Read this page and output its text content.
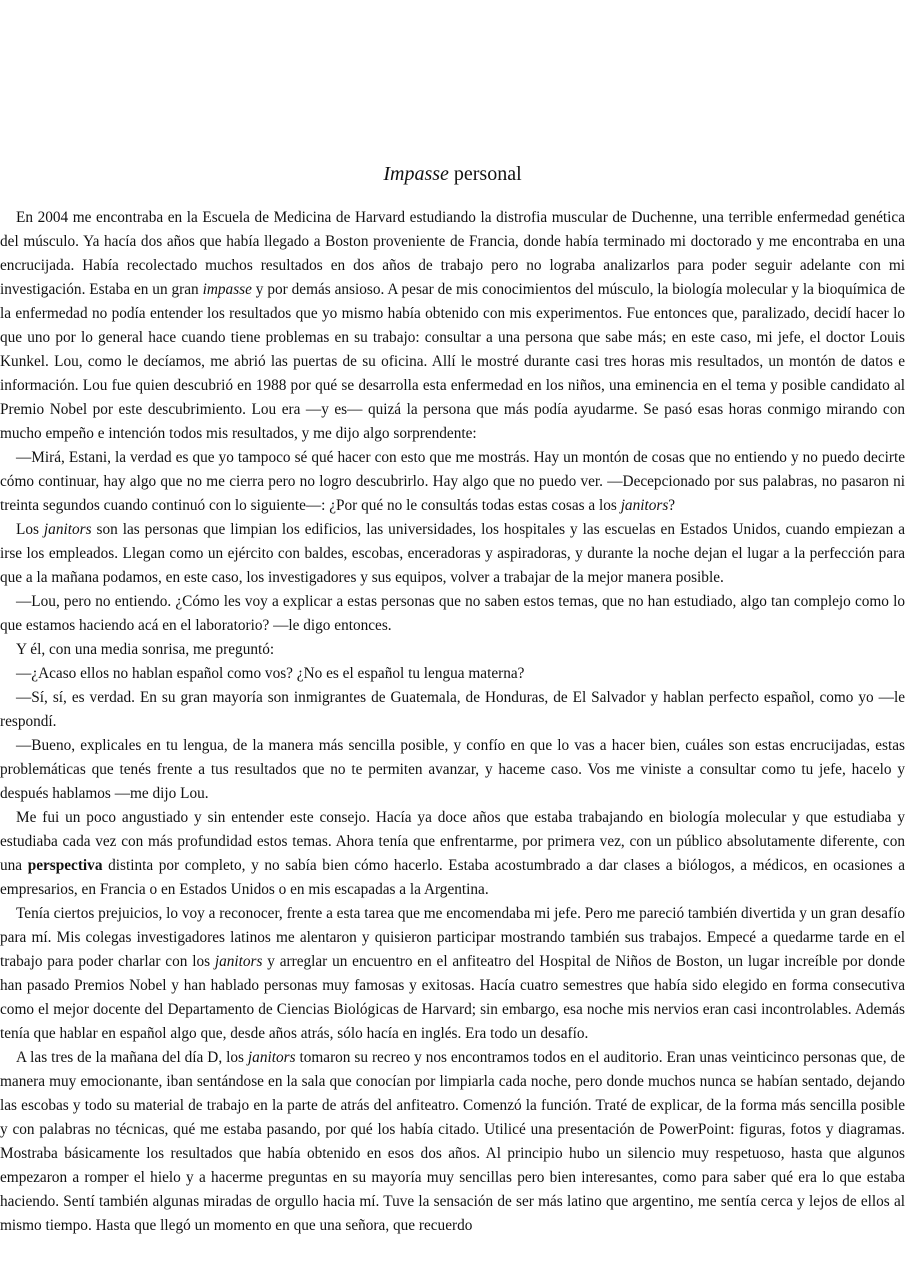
Impasse personal

En 2004 me encontraba en la Escuela de Medicina de Harvard estudiando la distrofia muscular de Duchenne, una terrible enfermedad genética del músculo. Ya hacía dos años que había llegado a Boston proveniente de Francia, donde había terminado mi doctorado y me encontraba en una encrucijada. Había recolectado muchos resultados en dos años de trabajo pero no lograba analizarlos para poder seguir adelante con mi investigación. Estaba en un gran impasse y por demás ansioso. A pesar de mis conocimientos del músculo, la biología molecular y la bioquímica de la enfermedad no podía entender los resultados que yo mismo había obtenido con mis experimentos. Fue entonces que, paralizado, decidí hacer lo que uno por lo general hace cuando tiene problemas en su trabajo: consultar a una persona que sabe más; en este caso, mi jefe, el doctor Louis Kunkel. Lou, como le decíamos, me abrió las puertas de su oficina. Allí le mostré durante casi tres horas mis resultados, un montón de datos e información. Lou fue quien descubrió en 1988 por qué se desarrolla esta enfermedad en los niños, una eminencia en el tema y posible candidato al Premio Nobel por este descubrimiento. Lou era —y es— quizá la persona que más podía ayudarme. Se pasó esas horas conmigo mirando con mucho empeño e intención todos mis resultados, y me dijo algo sorprendente:

—Mirá, Estani, la verdad es que yo tampoco sé qué hacer con esto que me mostrás. Hay un montón de cosas que no entiendo y no puedo decirte cómo continuar, hay algo que no me cierra pero no logro descubrirlo. Hay algo que no puedo ver. —Decepcionado por sus palabras, no pasaron ni treinta segundos cuando continuó con lo siguiente—: ¿Por qué no le consultás todas estas cosas a los janitors?

Los janitors son las personas que limpian los edificios, las universidades, los hospitales y las escuelas en Estados Unidos, cuando empiezan a irse los empleados. Llegan como un ejército con baldes, escobas, enceradoras y aspiradoras, y durante la noche dejan el lugar a la perfección para que a la mañana podamos, en este caso, los investigadores y sus equipos, volver a trabajar de la mejor manera posible.

—Lou, pero no entiendo. ¿Cómo les voy a explicar a estas personas que no saben estos temas, que no han estudiado, algo tan complejo como lo que estamos haciendo acá en el laboratorio? —le digo entonces.

Y él, con una media sonrisa, me preguntó:

—¿Acaso ellos no hablan español como vos? ¿No es el español tu lengua materna?

—Sí, sí, es verdad. En su gran mayoría son inmigrantes de Guatemala, de Honduras, de El Salvador y hablan perfecto español, como yo —le respondí.

—Bueno, explicales en tu lengua, de la manera más sencilla posible, y confío en que lo vas a hacer bien, cuáles son estas encrucijadas, estas problemáticas que tenés frente a tus resultados que no te permiten avanzar, y haceme caso. Vos me viniste a consultar como tu jefe, hacelo y después hablamos —me dijo Lou.

Me fui un poco angustiado y sin entender este consejo. Hacía ya doce años que estaba trabajando en biología molecular y que estudiaba y estudiaba cada vez con más profundidad estos temas. Ahora tenía que enfrentarme, por primera vez, con un público absolutamente diferente, con una perspectiva distinta por completo, y no sabía bien cómo hacerlo. Estaba acostumbrado a dar clases a biólogos, a médicos, en ocasiones a empresarios, en Francia o en Estados Unidos o en mis escapadas a la Argentina.

Tenía ciertos prejuicios, lo voy a reconocer, frente a esta tarea que me encomendaba mi jefe. Pero me pareció también divertida y un gran desafío para mí. Mis colegas investigadores latinos me alentaron y quisieron participar mostrando también sus trabajos. Empecé a quedarme tarde en el trabajo para poder charlar con los janitors y arreglar un encuentro en el anfiteatro del Hospital de Niños de Boston, un lugar increíble por donde han pasado Premios Nobel y han hablado personas muy famosas y exitosas. Hacía cuatro semestres que había sido elegido en forma consecutiva como el mejor docente del Departamento de Ciencias Biológicas de Harvard; sin embargo, esa noche mis nervios eran casi incontrolables. Además tenía que hablar en español algo que, desde años atrás, sólo hacía en inglés. Era todo un desafío.

A las tres de la mañana del día D, los janitors tomaron su recreo y nos encontramos todos en el auditorio. Eran unas veinticinco personas que, de manera muy emocionante, iban sentándose en la sala que conocían por limpiarla cada noche, pero donde muchos nunca se habían sentado, dejando las escobas y todo su material de trabajo en la parte de atrás del anfiteatro. Comenzó la función. Traté de explicar, de la forma más sencilla posible y con palabras no técnicas, qué me estaba pasando, por qué los había citado. Utilicé una presentación de PowerPoint: figuras, fotos y diagramas. Mostraba básicamente los resultados que había obtenido en esos dos años. Al principio hubo un silencio muy respetuoso, hasta que algunos empezaron a romper el hielo y a hacerme preguntas en su mayoría muy sencillas pero bien interesantes, como para saber qué era lo que estaba haciendo. Sentí también algunas miradas de orgullo hacia mí. Tuve la sensación de ser más latino que argentino, me sentía cerca y lejos de ellos al mismo tiempo. Hasta que llegó un momento en que una señora, que recuerdo
